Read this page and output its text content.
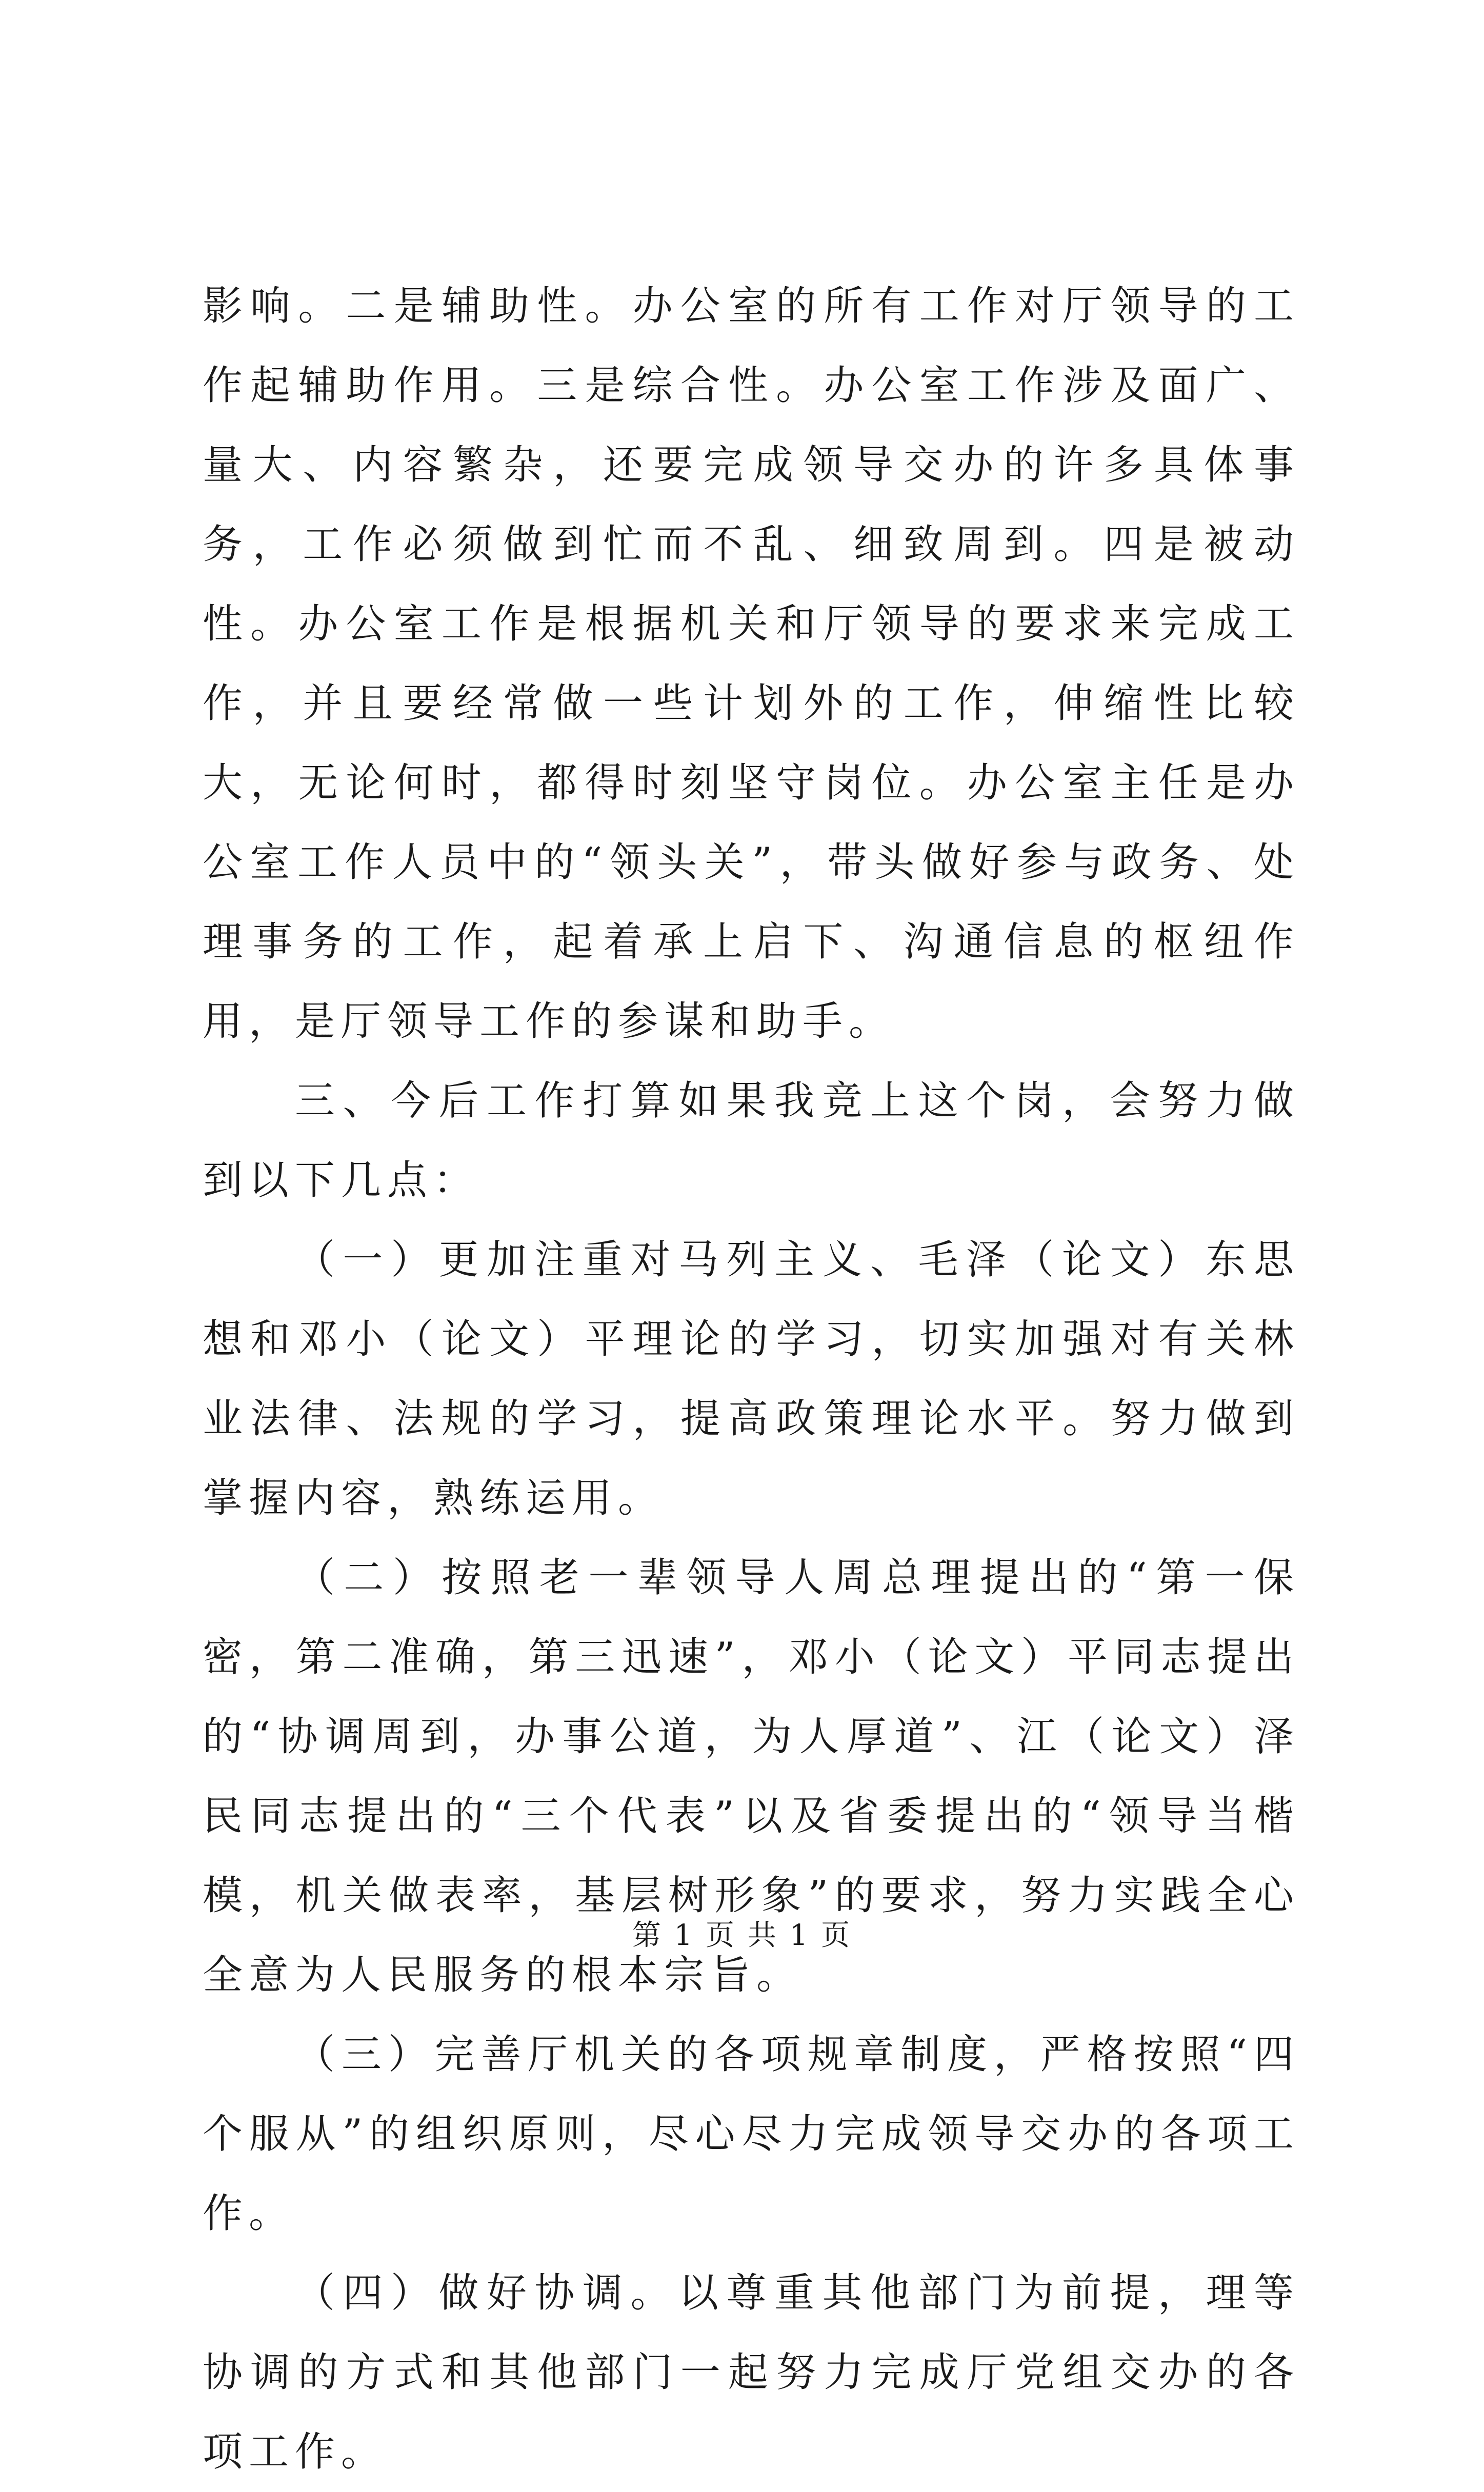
影响。二是辅助性。办公室的所有工作对厅领导的工作起辅助作用。三是综合性。办公室工作涉及面广、量大、内容繁杂，还要完成领导交办的许多具体事务，工作必须做到忙而不乱、细致周到。四是被动性。办公室工作是根据机关和厅领导的要求来完成工作，并且要经常做一些计划外的工作，伸缩性比较大，无论何时，都得时刻坚守岗位。办公室主任是办公室工作人员中的“领头关”，带头做好参与政务、处理事务的工作，起着承上启下、沟通信息的枢纽作用，是厅领导工作的参谋和助手。

三、今后工作打算如果我竞上这个岗，会努力做到以下几点：

（一）更加注重对马列主义、毛泽（论文）东思想和邓小（论文）平理论的学习，切实加强对有关林业法律、法规的学习，提高政策理论水平。努力做到掌握内容，熟练运用。

（二）按照老一辈领导人周总理提出的“第一保密，第二准确，第三迅速”，邓小（论文）平同志提出的“协调周到，办事公道，为人厚道”、江（论文）泽民同志提出的“三个代表”以及省委提出的“领导当楷模，机关做表率，基层树形象”的要求，努力实践全心全意为人民服务的根本宗旨。

（三）完善厅机关的各项规章制度，严格按照“四个服从”的组织原则，尽心尽力完成领导交办的各项工作。

（四）做好协调。以尊重其他部门为前提，理等协调的方式和其他部门一起努力完成厅党组交办的各项工作。

第 1 页 共 1 页
